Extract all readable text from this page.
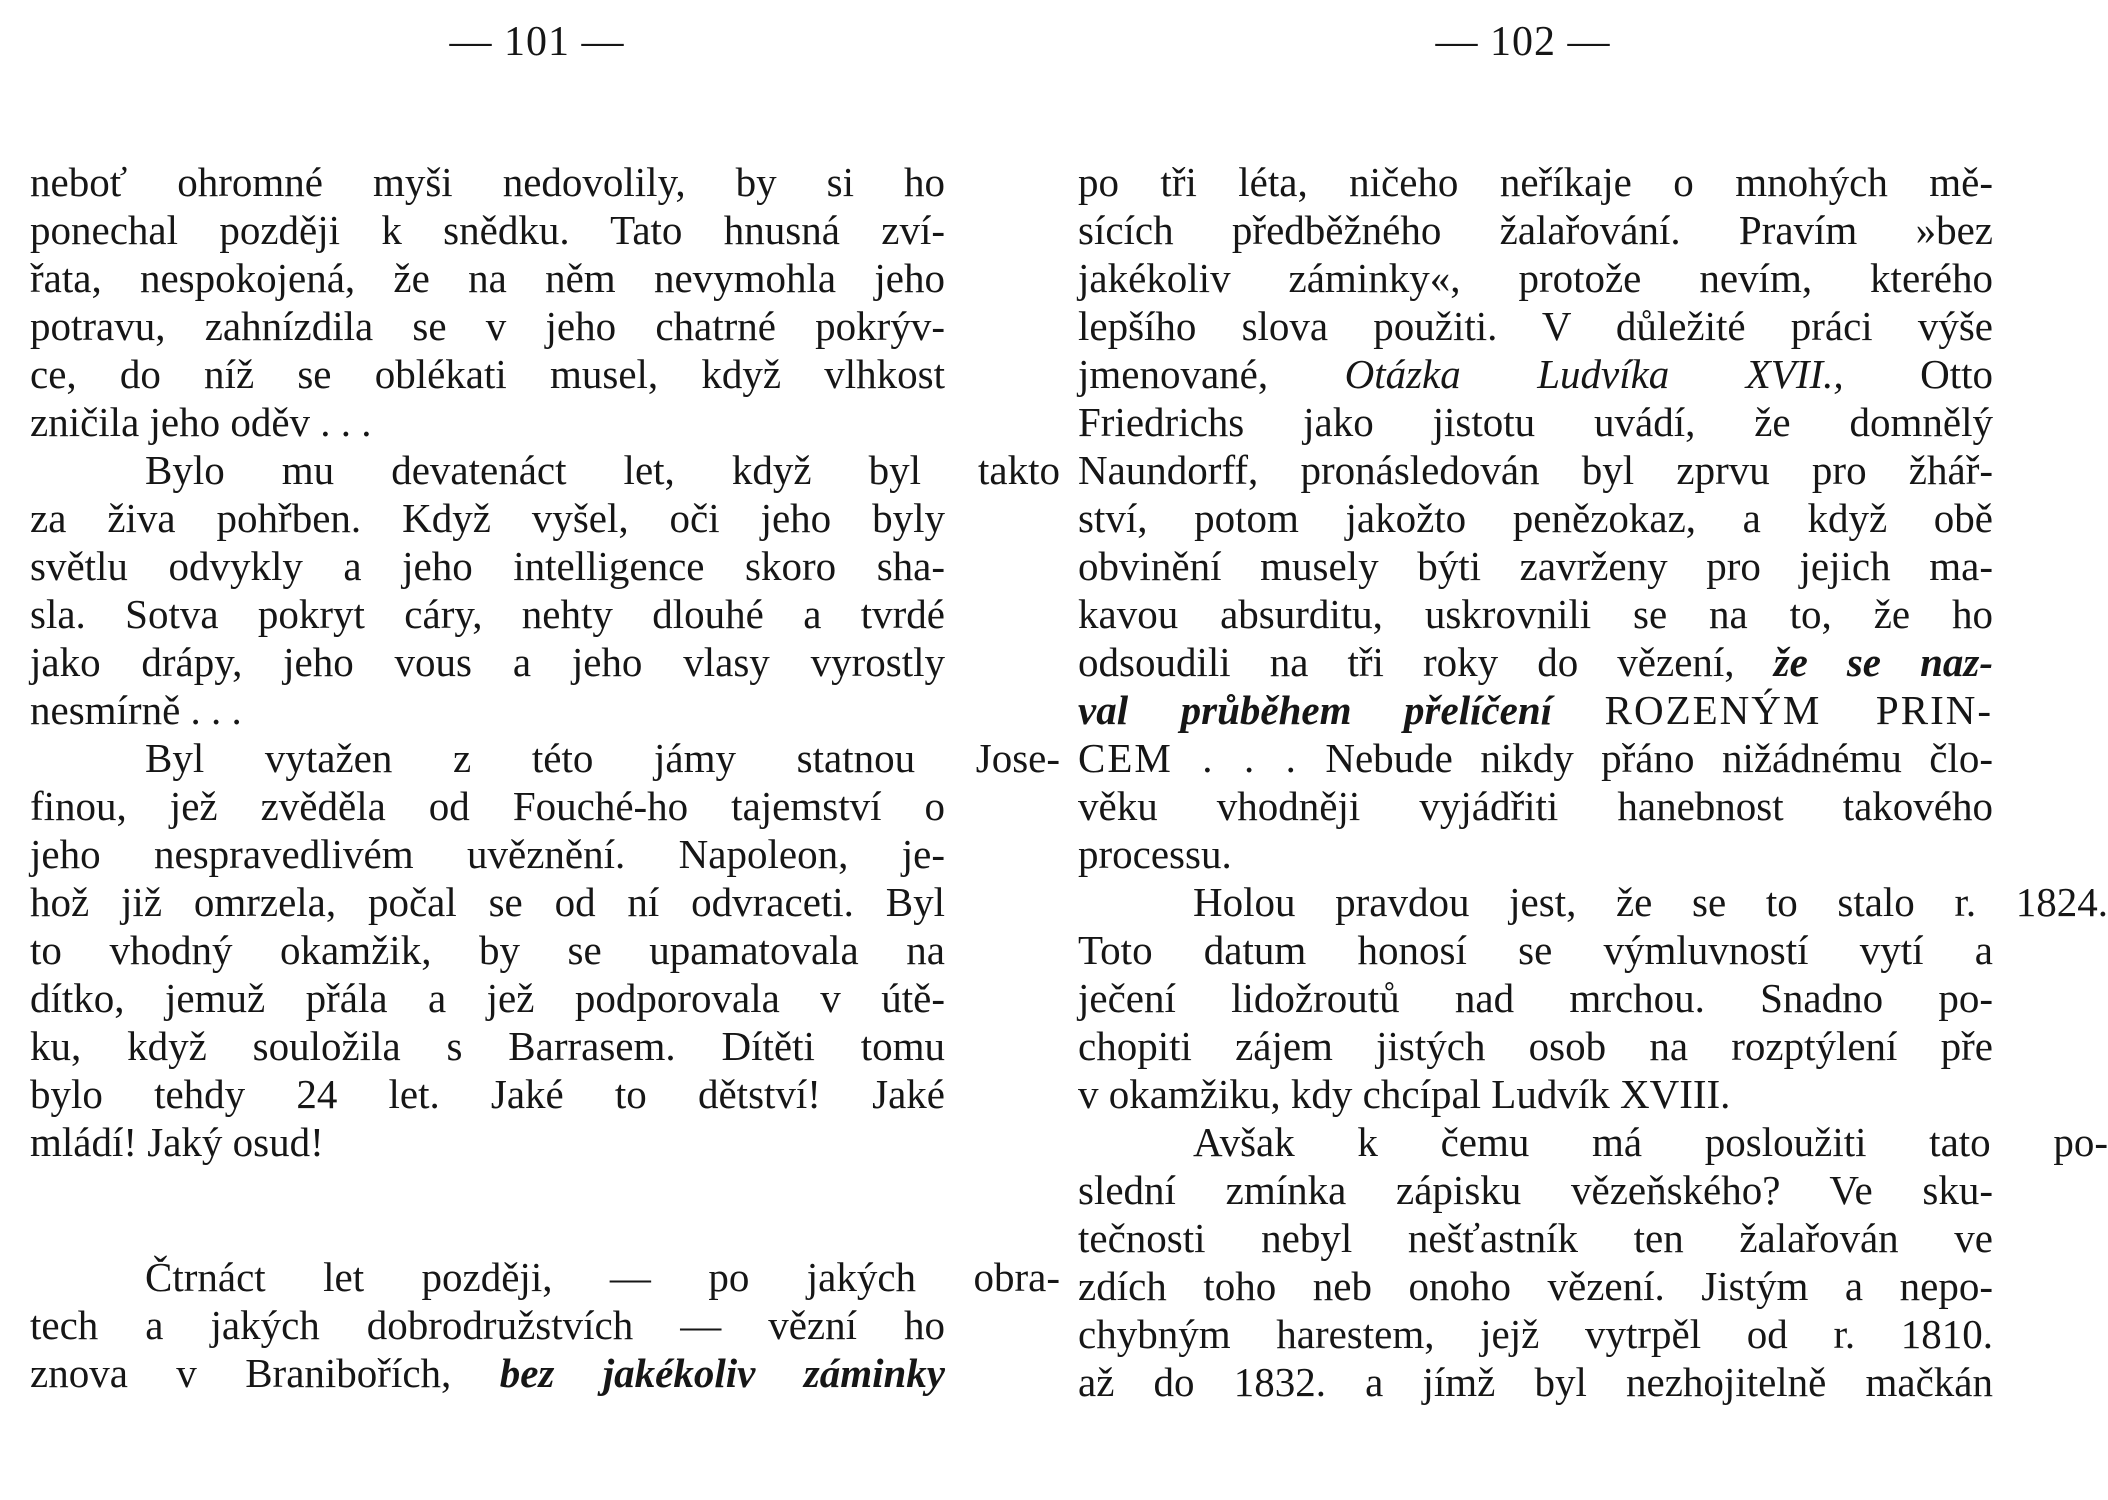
— 101 —
neboť ohromné myši nedovolily, by si ho
ponechal později k snědku. Tato hnusná zví-
řata, nespokojená, že na něm nevymohla jeho
potravu, zahnízdila se v jeho chatrné pokrýv-
ce, do níž se oblékati musel, když vlhkost
zničila jeho oděv . . .
Bylo mu devatenáct let, když byl takto
za živa pohřben. Když vyšel, oči jeho byly
světlu odvykly a jeho intelligence skoro sha-
sla. Sotva pokryt cáry, nehty dlouhé a tvrdé
jako drápy, jeho vous a jeho vlasy vyrostly
nesmírně . . .
Byl vytažen z této jámy statnou Jose-
finou, jež zvěděla od Fouché-ho tajemství o
jeho nespravedlivém uvěznění. Napoleon, je-
hož již omrzela, počal se od ní odvraceti. Byl
to vhodný okamžik, by se upamatovala na
dítko, jemuž přála a jež podporovala v útě-
ku, když souložila s Barrasem. Dítěti tomu
bylo tehdy 24 let. Jaké to dětství! Jaké
mládí! Jaký osud!
Čtrnáct let později, — po jakých obra-
tech a jakých dobrodružstvích — vězní ho
znova v Branibořích, bez jakékoliv záminky
— 102 —
po tři léta, ničeho neříkaje o mnohých mě-
sících předběžného žalařování. Pravím »bez
jakékoliv záminky«, protože nevím, kterého
lepšího slova použiti. V důležité práci výše
jmenované, Otázka Ludvíka XVII., Otto
Friedrichs jako jistotu uvádí, že domnělý
Naundorff, pronásledován byl zprvu pro žhář-
ství, potom jakožto penězokaz, a když obě
obvinění musely býti zavrženy pro jejich ma-
kavou absurditu, uskrovnili se na to, že ho
odsoudili na tři roky do vězení, že se naz-
val průběhem přelíčení ROZENÝM PRIN-
CEM . . . Nebude nikdy přáno nižádnému člo-
věku vhodněji vyjádřiti hanebnost takového
processu.
Holou pravdou jest, že se to stalo r. 1824.
Toto datum honosí se výmluvností vytí a
ječení lidožroutů nad mrchou. Snadno po-
chopiti zájem jistých osob na rozptýlení pře
v okamžiku, kdy chcípal Ludvík XVIII.
Avšak k čemu má posloužiti tato po-
slední zmínka zápisku vězeňského? Ve sku-
tečnosti nebyl nešťastník ten žalařován ve
zdích toho neb onoho vězení. Jistým a nepo-
chybným harestem, jejž vytrpěl od r. 1810.
až do 1832. a jímž byl nezhojitelně mačkán
